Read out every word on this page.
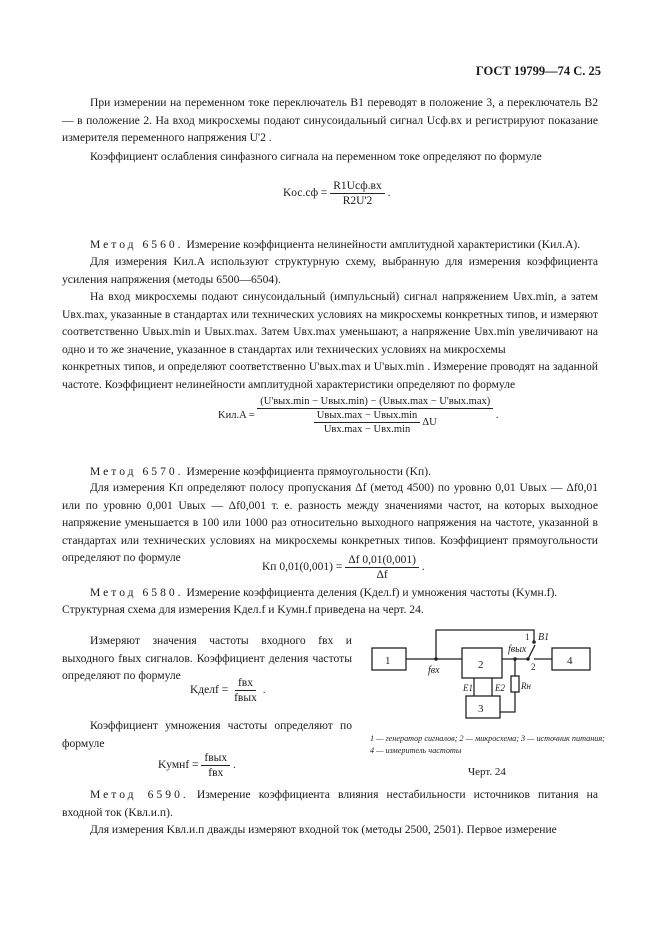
ГОСТ 19799—74 С. 25
При измерении на переменном токе переключатель B1 переводят в положение 3, а переключатель B2 — в положение 2. На вход микросхемы подают синусоидальный сигнал Uсф.вх и регистрируют показание измерителя переменного напряжения U'2 .
Коэффициент ослабления синфазного сигнала на переменном токе определяют по формуле
$Kос.сф = \frac{\text{R1Uсф.вх}}{R2U'2}$ .
Метод 6560. Измерение коэффициента нелинейности амплитудной характеристики (Kил.A).
Для измерения Kил.A используют структурную схему, выбранную для измерения коэффициента усиления напряжения (методы 6500—6504).
На вход микросхемы подают синусоидальный (импульсный) сигнал напряжением Uвх.min, а затем Uвх.max, указанные в стандартах или технических условиях на микросхемы конкретных типов, и измеряют соответственно Uвых.min и Uвых.max. Затем Uвх.max уменьшают, а напряжение Uвх.min увеличивают на одно и то же значение, указанное в стандартах или технических условиях на микросхемы
конкретных типов, и определяют соответственно U'вых.max и U'вых.min . Измерение проводят на заданной частоте. Коэффициент нелинейности амплитудной характеристики определяют по формуле
Kил.A =
(U'вых.min − Uвых.min) − (Uвых.max − U'вых.max)
$\frac{\text{Uвых.max − Uвых.min}}{\text{Uвх.max − Uвх.min}}$ ΔU
.
Метод 6570. Измерение коэффициента прямоугольности (Kп).
Для измерения Kп определяют полосу пропускания Δf (метод 4500) по уровню 0,01 Uвых — Δf0,01 или по уровню 0,001 Uвых — Δf0,001 т. е. разность между значениями частот, на которых выходное напряжение уменьшается в 100 или 1000 раз относительно выходного напряжения на частоте, указанной в стандартах или технических условиях на микросхемы конкретных типов. Коэффициент прямоугольности определяют по формуле
Kп $0,01(0,001) = \frac{\Delta f 0,01(0,001)}{\Delta f}$ .
Метод 6580. Измерение коэффициента деления (Kдел.f) и умножения частоты (Kумн.f).
Структурная схема для измерения Kдел.f и Kумн.f приведена на черт. 24.
Измеряют значения частоты входного fвх и выходного fвых сигналов. Коэффициент деления частоты определяют по формуле
Kделf = $\frac{\text{fвх}}{\text{fвых}}$ .
Коэффициент умножения частоты определяют по формуле
Kумнf = $\frac{\text{fвых}}{\text{fвх}}$ .
1	2
3
4
fвх
fвых
B1
1
2
E1 E2 Rн
1 — генератор сигналов; 2 — микросхема; 3 — источник питания; 4 — измеритель частоты
Черт. 24
Метод 6590. Измерение коэффициента влияния нестабильности источников питания на входной ток (Kвл.и.п).
Для измерения Kвл.и.п дважды измеряют входной ток (методы 2500, 2501). Первое измерение
